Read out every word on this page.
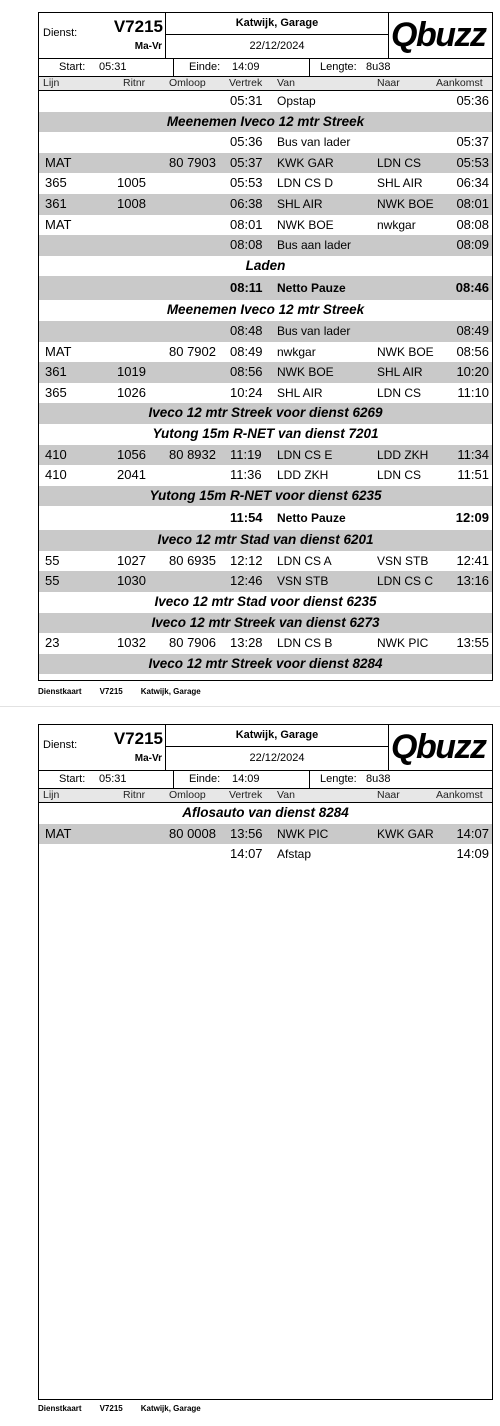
Dienst: V7215
Ma-Vr
Katwijk, Garage
22/12/2024	Qbuzz
Start: 05:31	Einde: 14:09	Lengte: 8u38
Lijn	Ritnr Omloop Vertrek Van	Naar	Aankomst
05:31 Opstap	05:36
Meenemen Iveco 12 mtr Streek
05:36 Bus van lader	05:37
MAT	80 7903 05:37 KWK GAR	LDN CS	05:53
365	1005	05:53 LDN CS D	SHL AIR	06:34
361	1008	06:38 SHL AIR	NWK BOE 08:01
MAT	08:01 NWK BOE	nwkgar	08:08
08:08 Bus aan lader	08:09
Laden
08:11 Netto Pauze	08:46
Meenemen Iveco 12 mtr Streek
08:48 Bus van lader	08:49
MAT	80 7902 08:49 nwkgar	NWK BOE 08:56
361	1019	08:56 NWK BOE	SHL AIR	10:20
365	1026	10:24 SHL AIR	LDN CS	11:10
Iveco 12 mtr Streek voor dienst 6269
Yutong 15m R-NET van dienst 7201
410	1056 80 8932 11:19 LDN CS E	LDD ZKH 11:34
410	2041	11:36 LDD ZKH	LDN CS	11:51
Yutong 15m R-NET voor dienst 6235
11:54 Netto Pauze	12:09
Iveco 12 mtr Stad van dienst 6201
55	1027 80 6935 12:12 LDN CS A	VSN STB 12:41
55	1030	12:46 VSN STB	LDN CS C 13:16
Iveco 12 mtr Stad voor dienst 6235
Iveco 12 mtr Streek van dienst 6273
23	1032 80 7906 13:28 LDN CS B	NWK PIC 13:55
Iveco 12 mtr Streek voor dienst 8284
Dienstkaart V7215 Katwijk, Garage
Dienst: V7215
Ma-Vr
Katwijk, Garage
22/12/2024	Qbuzz
Start: 05:31	Einde: 14:09	Lengte: 8u38
Lijn	Ritnr Omloop Vertrek Van	Naar	Aankomst
Aflosauto van dienst 8284
MAT	80 0008 13:56 NWK PIC	KWK GAR 14:07
14:07 Afstap	14:09
Dienstkaart V7215 Katwijk, Garage
